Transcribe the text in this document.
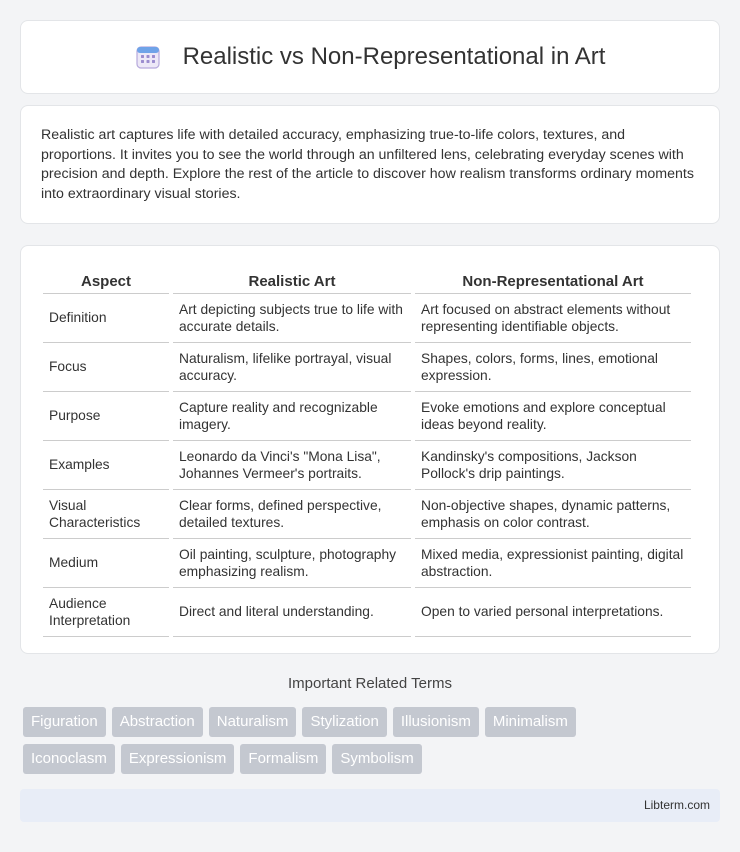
Realistic vs Non-Representational in Art

Realistic art captures life with detailed accuracy, emphasizing true-to-life colors, textures, and proportions. It invites you to see the world through an unfiltered lens, celebrating everyday scenes with precision and depth. Explore the rest of the article to discover how realism transforms ordinary moments into extraordinary visual stories.

Aspect	Realistic Art	Non-Representational Art
Definition	Art depicting subjects true to life with accurate details.	Art focused on abstract elements without representing identifiable objects.
Focus	Naturalism, lifelike portrayal, visual accuracy.	Shapes, colors, forms, lines, emotional expression.
Purpose	Capture reality and recognizable imagery.	Evoke emotions and explore conceptual ideas beyond reality.
Examples	Leonardo da Vinci's "Mona Lisa", Johannes Vermeer's portraits.	Kandinsky's compositions, Jackson Pollock's drip paintings.
Visual Characteristics	Clear forms, defined perspective, detailed textures.	Non-objective shapes, dynamic patterns, emphasis on color contrast.
Medium	Oil painting, sculpture, photography emphasizing realism.	Mixed media, expressionist painting, digital abstraction.
Audience Interpretation	Direct and literal understanding.	Open to varied personal interpretations.
Important Related Terms
Figuration	Abstraction	Naturalism	Stylization	Illusionism	Minimalism
Iconoclasm	Expressionism	Formalism	Symbolism
Libterm.com
